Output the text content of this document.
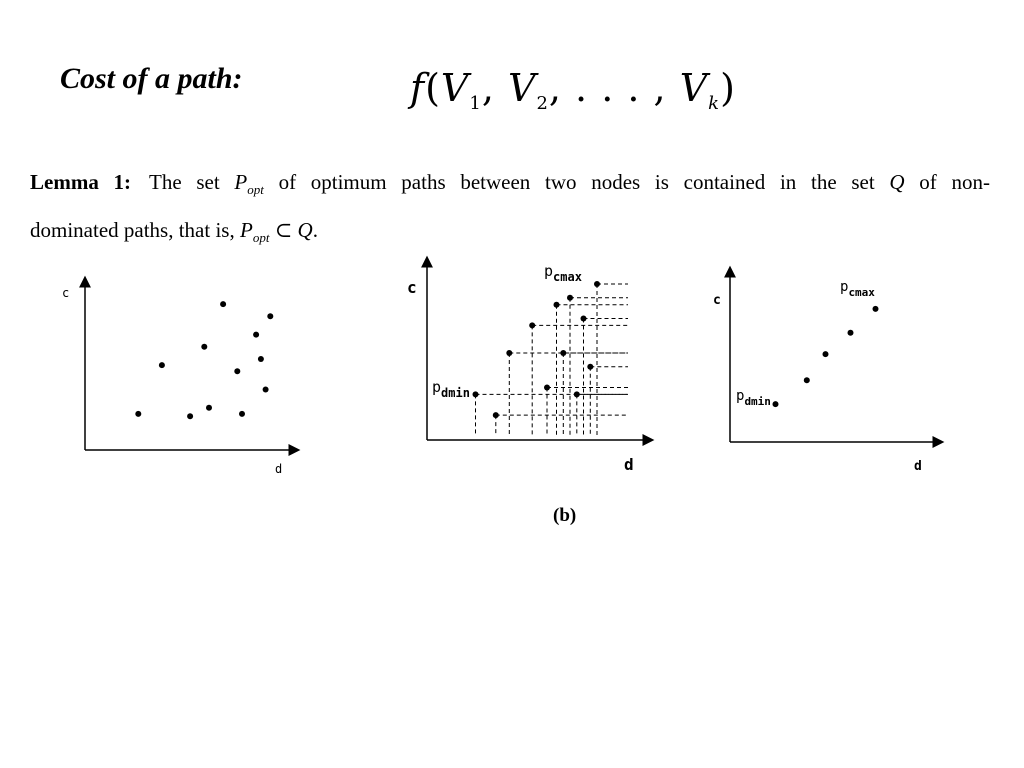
Cost of a path:	$f(V_1$, $V_2$, . . . , $V_k$)
Lemma 1: The set $P_{opt}$ of optimum paths between two nodes is contained in the set Q of non-
dominated paths, that is, $P_{opt}$ ⊂ Q.
c
d
c
d
$p_{dmin}$
$p_{cmax}$
c
d
$p_{dmin}$
$p_{cmax}$
(b)
